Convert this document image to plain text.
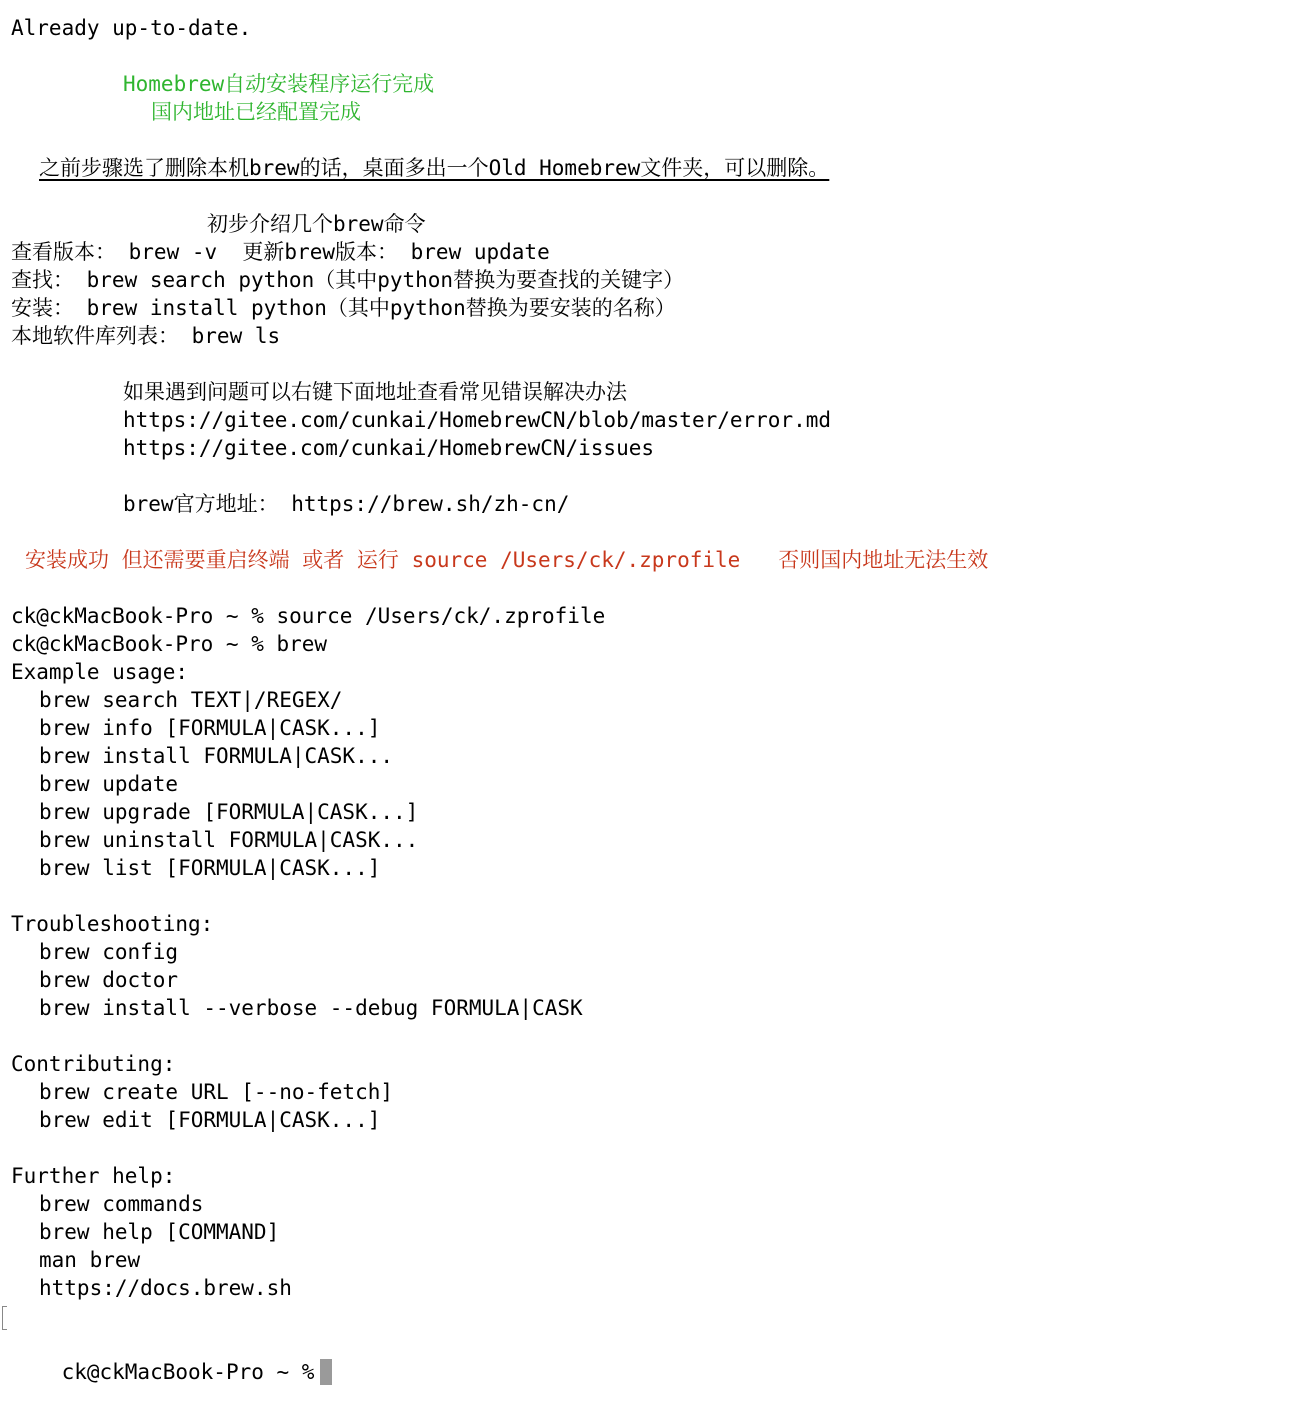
Already up-to-date.
Homebrew自动安装程序运行完成
国内地址已经配置完成
之前步骤选了删除本机brew的话，桌面多出一个Old_Homebrew文件夹，可以删除。
初步介绍几个brew命令
查看版本： brew -v  更新brew版本： brew update
查找： brew search python（其中python替换为要查找的关键字）
安装： brew install python（其中python替换为要安装的名称）
本地软件库列表： brew ls
如果遇到问题可以右键下面地址查看常见错误解决办法
https://gitee.com/cunkai/HomebrewCN/blob/master/error.md
https://gitee.com/cunkai/HomebrewCN/issues
brew官方地址： https://brew.sh/zh-cn/
安装成功 但还需要重启终端 或者 运行 source /Users/ck/.zprofile   否则国内地址无法生效
ck@ckMacBook-Pro ~ % source /Users/ck/.zprofile
ck@ckMacBook-Pro ~ % brew
Example usage:
brew search TEXT|/REGEX/
brew info [FORMULA|CASK...]
brew install FORMULA|CASK...
brew update
brew upgrade [FORMULA|CASK...]
brew uninstall FORMULA|CASK...
brew list [FORMULA|CASK...]
Troubleshooting:
brew config
brew doctor
brew install --verbose --debug FORMULA|CASK
Contributing:
brew create URL [--no-fetch]
brew edit [FORMULA|CASK...]
Further help:
brew commands
brew help [COMMAND]
man brew
https://docs.brew.sh

ck@ckMacBook-Pro ~ %
